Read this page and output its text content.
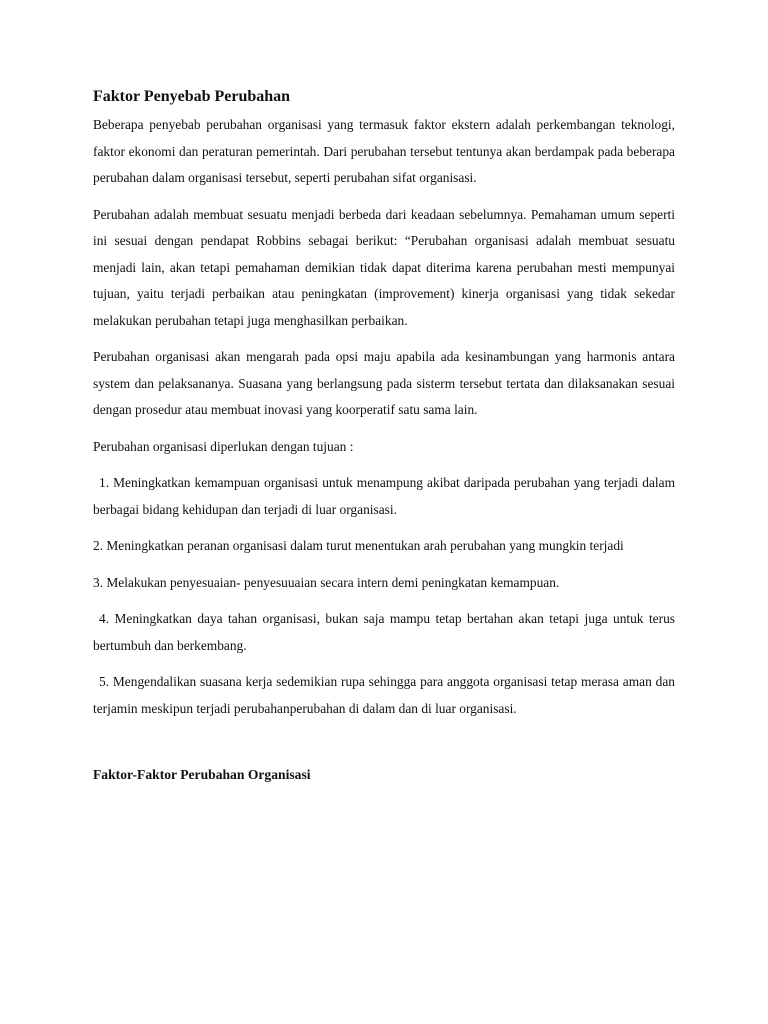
Faktor Penyebab Perubahan

Beberapa penyebab perubahan organisasi yang termasuk faktor ekstern adalah perkembangan teknologi, faktor ekonomi dan peraturan pemerintah. Dari perubahan tersebut tentunya akan berdampak pada beberapa perubahan dalam organisasi tersebut, seperti perubahan sifat organisasi.

Perubahan adalah membuat sesuatu menjadi berbeda dari keadaan sebelumnya. Pemahaman umum seperti ini sesuai dengan pendapat Robbins sebagai berikut: “Perubahan organisasi adalah membuat sesuatu menjadi lain, akan tetapi pemahaman demikian tidak dapat diterima karena perubahan mesti mempunyai tujuan, yaitu terjadi perbaikan atau peningkatan (improvement) kinerja organisasi yang tidak sekedar melakukan perubahan tetapi juga menghasilkan perbaikan.

Perubahan organisasi akan mengarah pada opsi maju apabila ada kesinambungan yang harmonis antara system dan pelaksananya. Suasana yang berlangsung pada sisterm tersebut tertata dan dilaksanakan sesuai dengan prosedur atau membuat inovasi yang koorperatif satu sama lain.

Perubahan organisasi diperlukan dengan tujuan :

1. Meningkatkan kemampuan organisasi untuk menampung akibat daripada perubahan yang terjadi dalam berbagai bidang kehidupan dan terjadi di luar organisasi.

2. Meningkatkan peranan organisasi dalam turut menentukan arah perubahan yang mungkin terjadi

3. Melakukan penyesuaian- penyesuuaian secara intern demi peningkatan kemampuan.

4. Meningkatkan daya tahan organisasi, bukan saja mampu tetap bertahan akan tetapi juga untuk terus bertumbuh dan berkembang.

5. Mengendalikan suasana kerja sedemikian rupa sehingga para anggota organisasi tetap merasa aman dan terjamin meskipun terjadi perubahanperubahan di dalam dan di luar organisasi.

Faktor-Faktor Perubahan Organisasi
